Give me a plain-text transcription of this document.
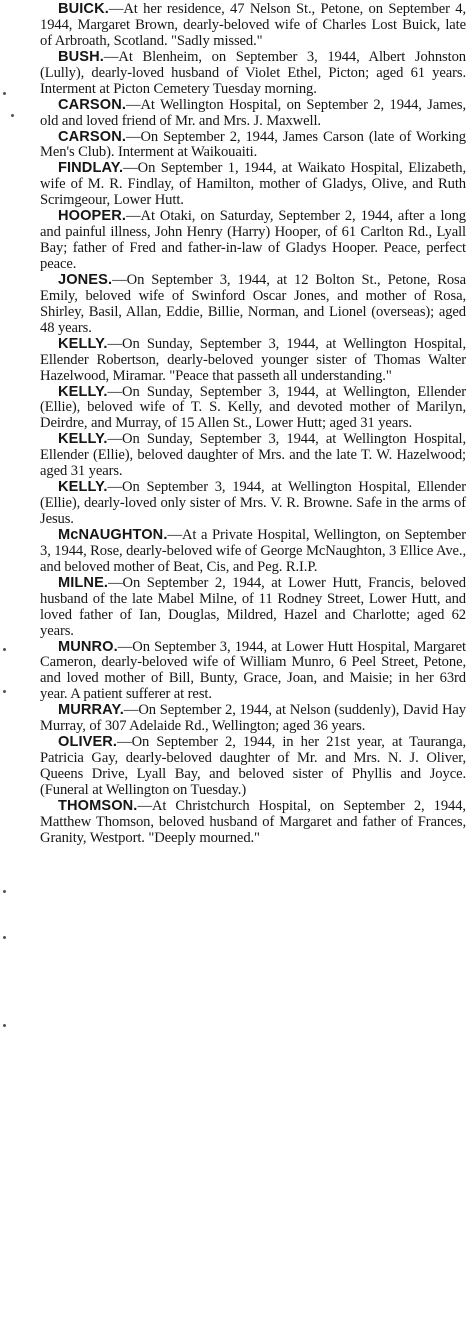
BUICK.—At her residence, 47 Nelson St., Petone, on September 4, 1944, Margaret Brown, dearly-beloved wife of Charles Lost Buick, late of Arbroath, Scotland. "Sadly missed."

BUSH.—At Blenheim, on September 3, 1944, Albert Johnston (Lully), dearly-loved husband of Violet Ethel, Picton; aged 61 years. Interment at Picton Cemetery Tuesday morning.

CARSON.—At Wellington Hospital, on September 2, 1944, James, old and loved friend of Mr. and Mrs. J. Maxwell.

CARSON.—On September 2, 1944, James Carson (late of Working Men's Club). Interment at Waikouaiti.

FINDLAY.—On September 1, 1944, at Waikato Hospital, Elizabeth, wife of M. R. Findlay, of Hamilton, mother of Gladys, Olive, and Ruth Scrimgeour, Lower Hutt.

HOOPER.—At Otaki, on Saturday, September 2, 1944, after a long and painful illness, John Henry (Harry) Hooper, of 61 Carlton Rd., Lyall Bay; father of Fred and father-in-law of Gladys Hooper. Peace, perfect peace.

JONES.—On September 3, 1944, at 12 Bolton St., Petone, Rosa Emily, beloved wife of Swinford Oscar Jones, and mother of Rosa, Shirley, Basil, Allan, Eddie, Billie, Norman, and Lionel (overseas); aged 48 years.

KELLY.—On Sunday, September 3, 1944, at Wellington Hospital, Ellender Robertson, dearly-beloved younger sister of Thomas Walter Hazelwood, Miramar. "Peace that passeth all understanding."

KELLY.—On Sunday, September 3, 1944, at Wellington, Ellender (Ellie), beloved wife of T. S. Kelly, and devoted mother of Marilyn, Deirdre, and Murray, of 15 Allen St., Lower Hutt; aged 31 years.

KELLY.—On Sunday, September 3, 1944, at Wellington Hospital, Ellender (Ellie), beloved daughter of Mrs. and the late T. W. Hazelwood; aged 31 years.

KELLY.—On September 3, 1944, at Wellington Hospital, Ellender (Ellie), dearly-loved only sister of Mrs. V. R. Browne. Safe in the arms of Jesus.

McNAUGHTON.—At a Private Hospital, Wellington, on September 3, 1944, Rose, dearly-beloved wife of George McNaughton, 3 Ellice Ave., and beloved mother of Beat, Cis, and Peg. R.I.P.

MILNE.—On September 2, 1944, at Lower Hutt, Francis, beloved husband of the late Mabel Milne, of 11 Rodney Street, Lower Hutt, and loved father of Ian, Douglas, Mildred, Hazel and Charlotte; aged 62 years.

MUNRO.—On September 3, 1944, at Lower Hutt Hospital, Margaret Cameron, dearly-beloved wife of William Munro, 6 Peel Street, Petone, and loved mother of Bill, Bunty, Grace, Joan, and Maisie; in her 63rd year. A patient sufferer at rest.

MURRAY.—On September 2, 1944, at Nelson (suddenly), David Hay Murray, of 307 Adelaide Rd., Wellington; aged 36 years.

OLIVER.—On September 2, 1944, in her 21st year, at Tauranga, Patricia Gay, dearly-beloved daughter of Mr. and Mrs. N. J. Oliver, Queens Drive, Lyall Bay, and beloved sister of Phyllis and Joyce. (Funeral at Wellington on Tuesday.)

THOMSON.—At Christchurch Hospital, on September 2, 1944, Matthew Thomson, beloved husband of Margaret and father of Frances, Granity, Westport. "Deeply mourned."
